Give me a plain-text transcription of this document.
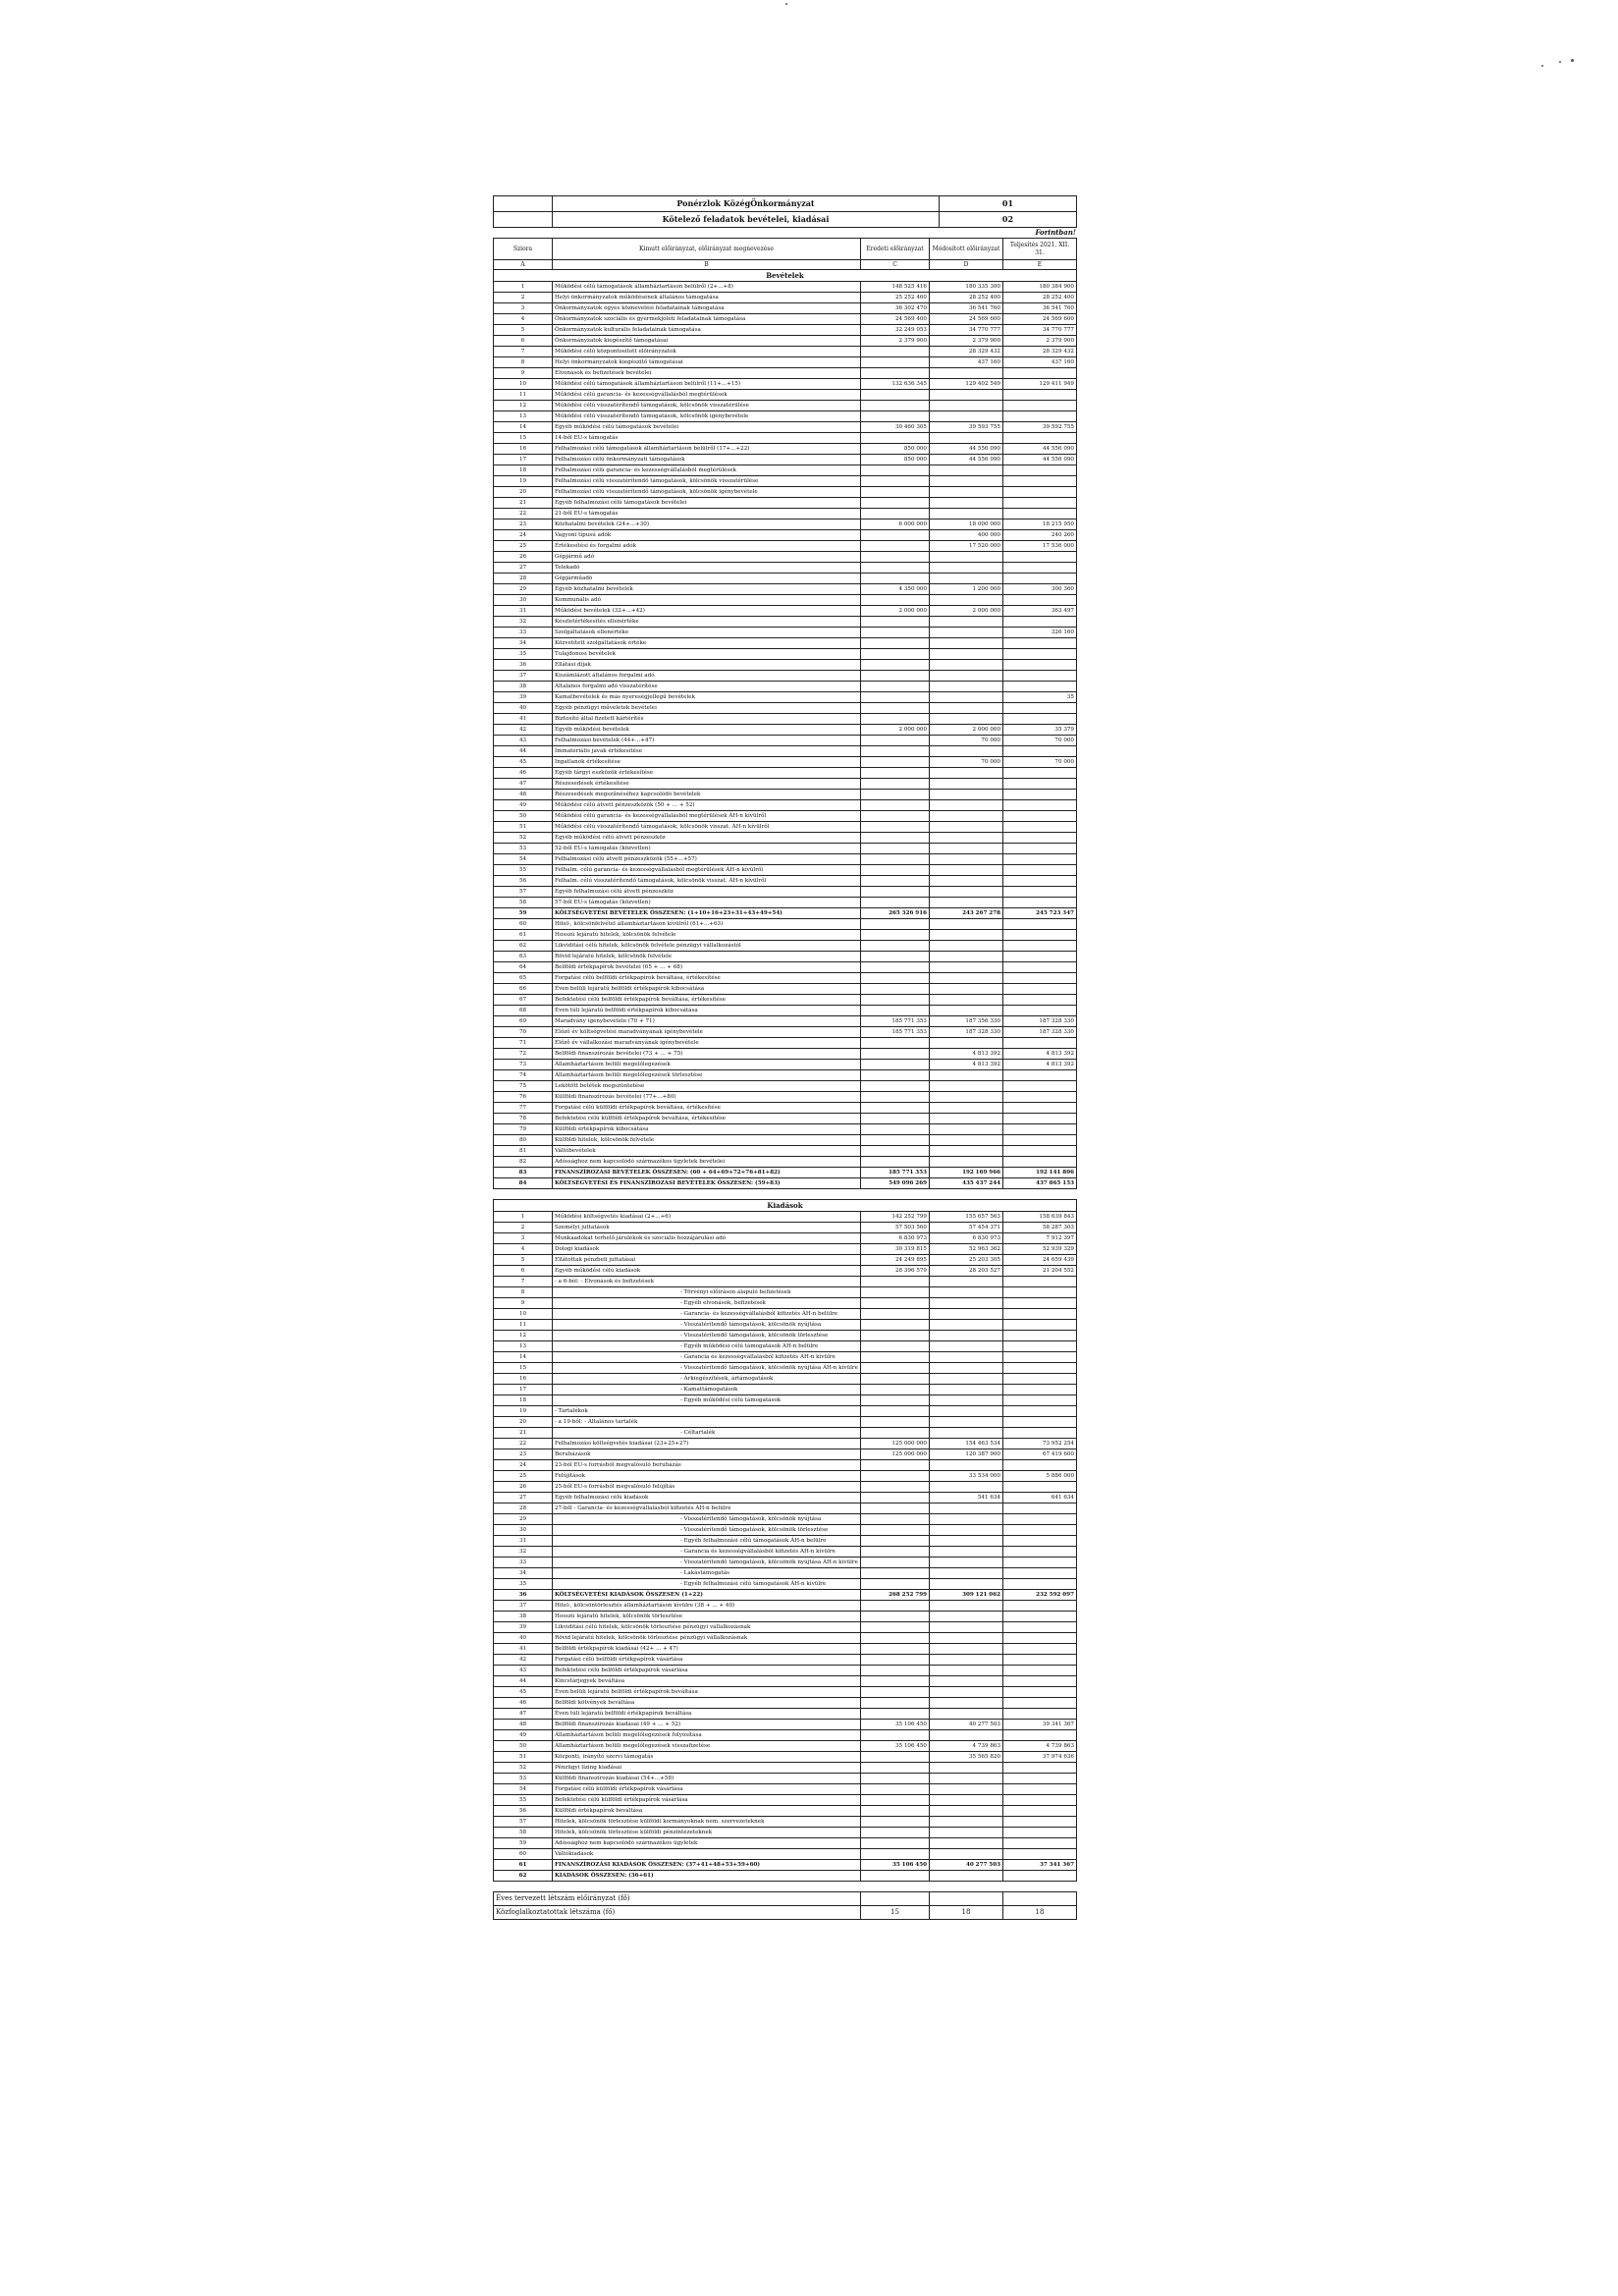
	Ponérzlok KözégÖnkormányzat	01
	Kötelező feladatok bevételei, kiadásai	02
Forintban!
Sziora	Kimutt előirányzat, előirányzat megnevezése	Eredeti előirányzat	Módosított előirányzat	Teljesítés 2021. XII. 31.
A	B	C	D	E
Bevételek				
1	Működési célú támogatások államháztartáson belülről (2+...+8)	148 525 416	180 335 300	180 384 900
2	Helyi önkormányzatok működésének általános támogatása	25 252 460	28 252 400	28 252 400
3	Önkormányzatok egyes köznevelési feladatainak támogatása	36 302 470	36 541 760	36 541 760
4	Önkormányzatok szociális és gyermekjóléti feladatainak támogatása	24 569 400	24 569 600	24 569 600
5	Önkormányzatok kulturális feladatainak támogatása	32 249 053	34 770 777	34 770 777
6	Önkormányzatok kiegészítő támogatásai	2 379 900	2 379 900	2 379 900
7	Működési célú központosított előirányzatok		28 329 432	28 329 432
8	Helyi önkormányzatok kiegészítő támogatásai		437 160	437 160
9	Elvonások és befizetések bevételei			
10	Működési célú támogatások államháztartáson belülről (11+...+15)	132 636 345	129 402 549	129 411 949
11	Működési célú garancia- és kezességvállalásból megtérülések			
12	Működési célú visszatérítendő támogatások, kölcsönök visszatérülése			
13	Működési célú visszatérítendő támogatások, kölcsönök igénybevétele			
14	Egyéb működési célú támogatások bevételei	30 460 305	39 593 755	39 592 755
15	14-ből EU-s támogatás			
16	Felhalmozási célú támogatások államháztartáson belülről (17+...+22)	850 000	44 556 090	44 556 090
17	Felhalmozási célú önkormányzati támogatások	850 000	44 556 090	44 556 090
18	Felhalmozási célú garancia- és kezességvállalásból megtérülések			
19	Felhalmozási célú visszatérítendő támogatások, kölcsönök visszatérülése			
20	Felhalmozási célú visszatérítendő támogatások, kölcsönök igénybevétele			
21	Egyéb felhalmozási célú támogatások bevételei			
22	21-ből EU-s támogatás			
23	Közhatalmi bevételek (24+...+30)	6 000 000	18 000 000	18 215 950
24	Vagyoni típusú adók		400 000	240 260
25	Értékesítési és forgalmi adók		17 520 000	17 536 000
26	Gépjármű adó			
27	Telekadó			
28	Gépjárműadó			
29	Egyéb közhatalmi bevételek	4 350 000	1 200 000	300 360
30	Kommunális adó			
31	Működési bevételek (32+...+42)	2 000 000	2 000 000	363 497
32	Készletértékesítés ellenértéke			
33	Szolgáltatások ellenértéke			326 160
34	Közvetített szolgáltatások értéke			
35	Tulajdonosi bevételek			
36	Ellátási díjak			
37	Kiszámlázott általános forgalmi adó			
38	Általános forgalmi adó visszatérítése			
39	Kamatbevételek és más nyereségjellegű bevételek			35
40	Egyéb pénzügyi műveletek bevételei			
41	Biztosító által fizetett kártérítés			
42	Egyéb működési bevételek	2 000 000	2 000 000	35 379
43	Felhalmozási bevételek (44+...+47)		70 000	70 000
44	Immateriális javak értékesítése			
45	Ingatlanok értékesítése		70 000	70 000
46	Egyéb tárgyi eszközök értékesítése			
47	Részesedések értékesítése			
48	Részesedések megszűnéséhez kapcsolódó bevételek			
49	Működési célú átvett pénzeszközök (50 + ... + 52)			
50	Működési célú garancia- és kezességvállalásból megtérülések ÁH-n kívülről			
51	Működési célú visszatérítendő támogatások, kölcsönök visszat. ÁH-n kívülről			
52	Egyéb működési célú átvett pénzeszköz			
53	52-ből EU-s támogatás (közvetlen)			
54	Felhalmozási célú átvett pénzeszközök (55+...+57)			
55	Felhalm. célú garancia- és kezességvállalásból megtérülések ÁH-n kívülről			
56	Felhalm. célú visszatérítendő támogatások, kölcsönök visszat. ÁH-n kívülről			
57	Egyéb felhalmozási célú átvett pénzeszköz			
58	57-ből EU-s támogatás (közvetlen)			
59	KÖLTSÉGVETÉSI BEVÉTELEK ÖSSZESEN: (1+10+16+23+31+43+49+54)	265 326 916	243 267 278	245 723 347
60	Hitel-, kölcsönfelvétel államháztartáson kívülről (61+...+63)			
61	Hosszú lejáratú hitelek, kölcsönök felvétele			
62	Likviditási célú hitelek, kölcsönök felvétele pénzügyi vállalkozástól			
63	Rövid lejáratú hitelek, kölcsönök felvétele			
64	Belföldi értékpapírok bevételei (65 + ... + 68)			
65	Forgatási célú belföldi értékpapírok beváltása, értékesítése			
66	Éven belüli lejáratú belföldi értékpapírok kibocsátása			
67	Befektetési célú belföldi értékpapírok beváltása, értékesítése			
68	Éven túli lejáratú belföldi értékpapírok kibocsátása			
69	Maradvány igénybevétele (70 + 71)	185 771 353	187 356 330	187 328 330
70	Előző év költségvetési maradványának igénybevétele	185 771 353	187 328 330	187 328 330
71	Előző év vállalkozási maradványának igénybevétele			
72	Belföldi finanszírozás bevételei (73 + ... + 75)		4 813 392	4 813 392
73	Államháztartáson belüli megelőlegezések		4 813 392	4 813 392
74	Államháztartáson belüli megelőlegezések törlesztése			
75	Lekötött betétek megszüntetése			
76	Külföldi finanszírozás bevételei (77+...+80)			
77	Forgatási célú külföldi értékpapírok beváltása, értékesítése			
78	Befektetési célú külföldi értékpapírok beváltása, értékesítése			
79	Külföldi értékpapírok kibocsátása			
80	Külföldi hitelek, kölcsönök felvétele			
81	Váltóbevételek			
82	Adóssághoz nem kapcsolódó származékos ügyletek bevételei			
83	FINANSZÍROZÁSI BEVÉTELEK ÖSSZESEN: (60 + 64+69+72+76+81+82)	185 771 353	192 169 966	192 141 806
84	KÖLTSÉGVETÉSI ÉS FINANSZÍROZÁSI BEVÉTELEK ÖSSZESEN: (59+83)	549 096 269	435 437 244	437 865 153
Kiadások				
1	Működési költségvetés kiadásai (2+...+6)	142 252 799	155 657 563	158 639 843
2	Személyi juttatások	57 503 560	57 454 371	58 287 303
3	Munkaadókat terhelő járulékok és szociális hozzájárulási adó	6 830 973	6 830 973	7 912 397
4	Dologi kiadások	30 319 815	52 963 362	52 939 329
5	Ellátottak pénzbeli juttatásai	24 249 895	25 203 305	24 659 439
6	Egyéb működési célú kiadások	28 396 579	28 203 527	21 204 552
7	- a 6-ból: - Elvonások és befizetések			
8	- Törvényi előíráson alapuló befizetések			
9	- Egyéb elvonások, befizetések			
10	- Garancia- és kezességvállalásból kifizetés ÁH-n belülre			
11	- Visszatérítendő támogatások, kölcsönök nyújtása			
12	- Visszatérítendő támogatások, kölcsönök törlesztése			
13	- Egyéb működési célú támogatások ÁH-n belülre			
14	- Garancia és kezességvállalásból kifizetés ÁH-n kívülre			
15	- Visszatérítendő támogatások, kölcsönök nyújtása ÁH-n kívülre			
16	- Árkiegészítések, ártámogatások			
17	- Kamattámogatások			
18	- Egyéb működési célú támogatások			
19	- Tartalékok			
20	- a 19-ből: - Általános tartalék			
21	- Céltartalék			
22	Felhalmozási költségvetés kiadásai (23+25+27)	125 000 000	154 463 534	73 952 254
23	Beruházások	125 000 000	120 387 900	67 419 600
24	23-ból EU-s forrásból megvalósuló beruházás			
25	Felújítások		33 534 000	5 886 000
26	25-ből EU-s forrásból megvalósuló felújítás			
27	Egyéb felhalmozási célú kiadások		541 634	641 634
28	27-ből - Garancia- és kezességvállalásból kifizetés ÁH-n belülre			
29	- Visszatérítendő támogatások, kölcsönök nyújtása			
30	- Visszatérítendő támogatások, kölcsönök törlesztése			
31	- Egyéb felhalmozási célú támogatások ÁH-n belülre			
32	- Garancia és kezességvállalásból kifizetés ÁH-n kívülre			
33	- Visszatérítendő támogatások, kölcsönök nyújtása ÁH-n kívülre			
34	- Lakástámogatás			
35	- Egyéb felhalmozási célú támogatások ÁH-n kívülre			
36	KÖLTSÉGVETÉSI KIADÁSOK ÖSSZESEN (1+22)	268 252 799	309 121 062	232 592 097
37	Hitel-, kölcsöntörlesztés államháztartáson kívülre (38 + ... + 40)			
38	Hosszú lejáratú hitelek, kölcsönök törlesztése			
39	Likviditási célú hitelek, kölcsönök törlesztése pénzügyi vállalkozásnak			
40	Rövid lejáratú hitelek, kölcsönök törlesztése pénzügyi vállalkozásnak			
41	Belföldi értékpapírok kiadásai (42+ ... + 47)			
42	Forgatási célú belföldi értékpapírok vásárlása			
43	Befektetési célú belföldi értékpapírok vásárlása			
44	Kincstárjegyek beváltása			
45	Éven belüli lejáratú belföldi értékpapírok beváltása			
46	Belföldi kötvények beváltása			
47	Éven túli lejáratú belföldi értékpapírok beváltása			
48	Belföldi finanszírozás kiadásai (49 + ... + 52)	35 106 450	40 277 503	39 341 367
49	Államháztartáson belüli megelőlegezések folyósítása			
50	Államháztartáson belüli megelőlegezések visszafizetése	35 106 450	4 739 863	4 739 863
51	Központi, irányító szervi támogatás		35 565 820	37 974 636
52	Pénzügyi lízing kiadásai			
53	Külföldi finanszírozás kiadásai (54+...+58)			
54	Forgatási célú külföldi értékpapírok vásárlása			
55	Befektetési célú külföldi értékpapírok vásárlása			
56	Külföldi értékpapírok beváltása			
57	Hitelek, kölcsönök törlesztése külföldi kormányoknak nem. szervezeteknek			
58	Hitelek, kölcsönök törlesztése külföldi pénzintézeteknek			
59	Adóssághoz nem kapcsolódó származékos ügyletek			
60	Váltókiadások			
61	FINANSZÍROZÁSI KIADÁSOK ÖSSZESEN: (37+41+48+53+59+60)	35 106 450	40 277 503	37 341 367
62	KIADÁSOK ÖSSZESEN: (36+61)			
Éves tervezett létszám előirányzat (fő)			
Közfoglalkoztatottak létszáma (fő)	15	18	18
